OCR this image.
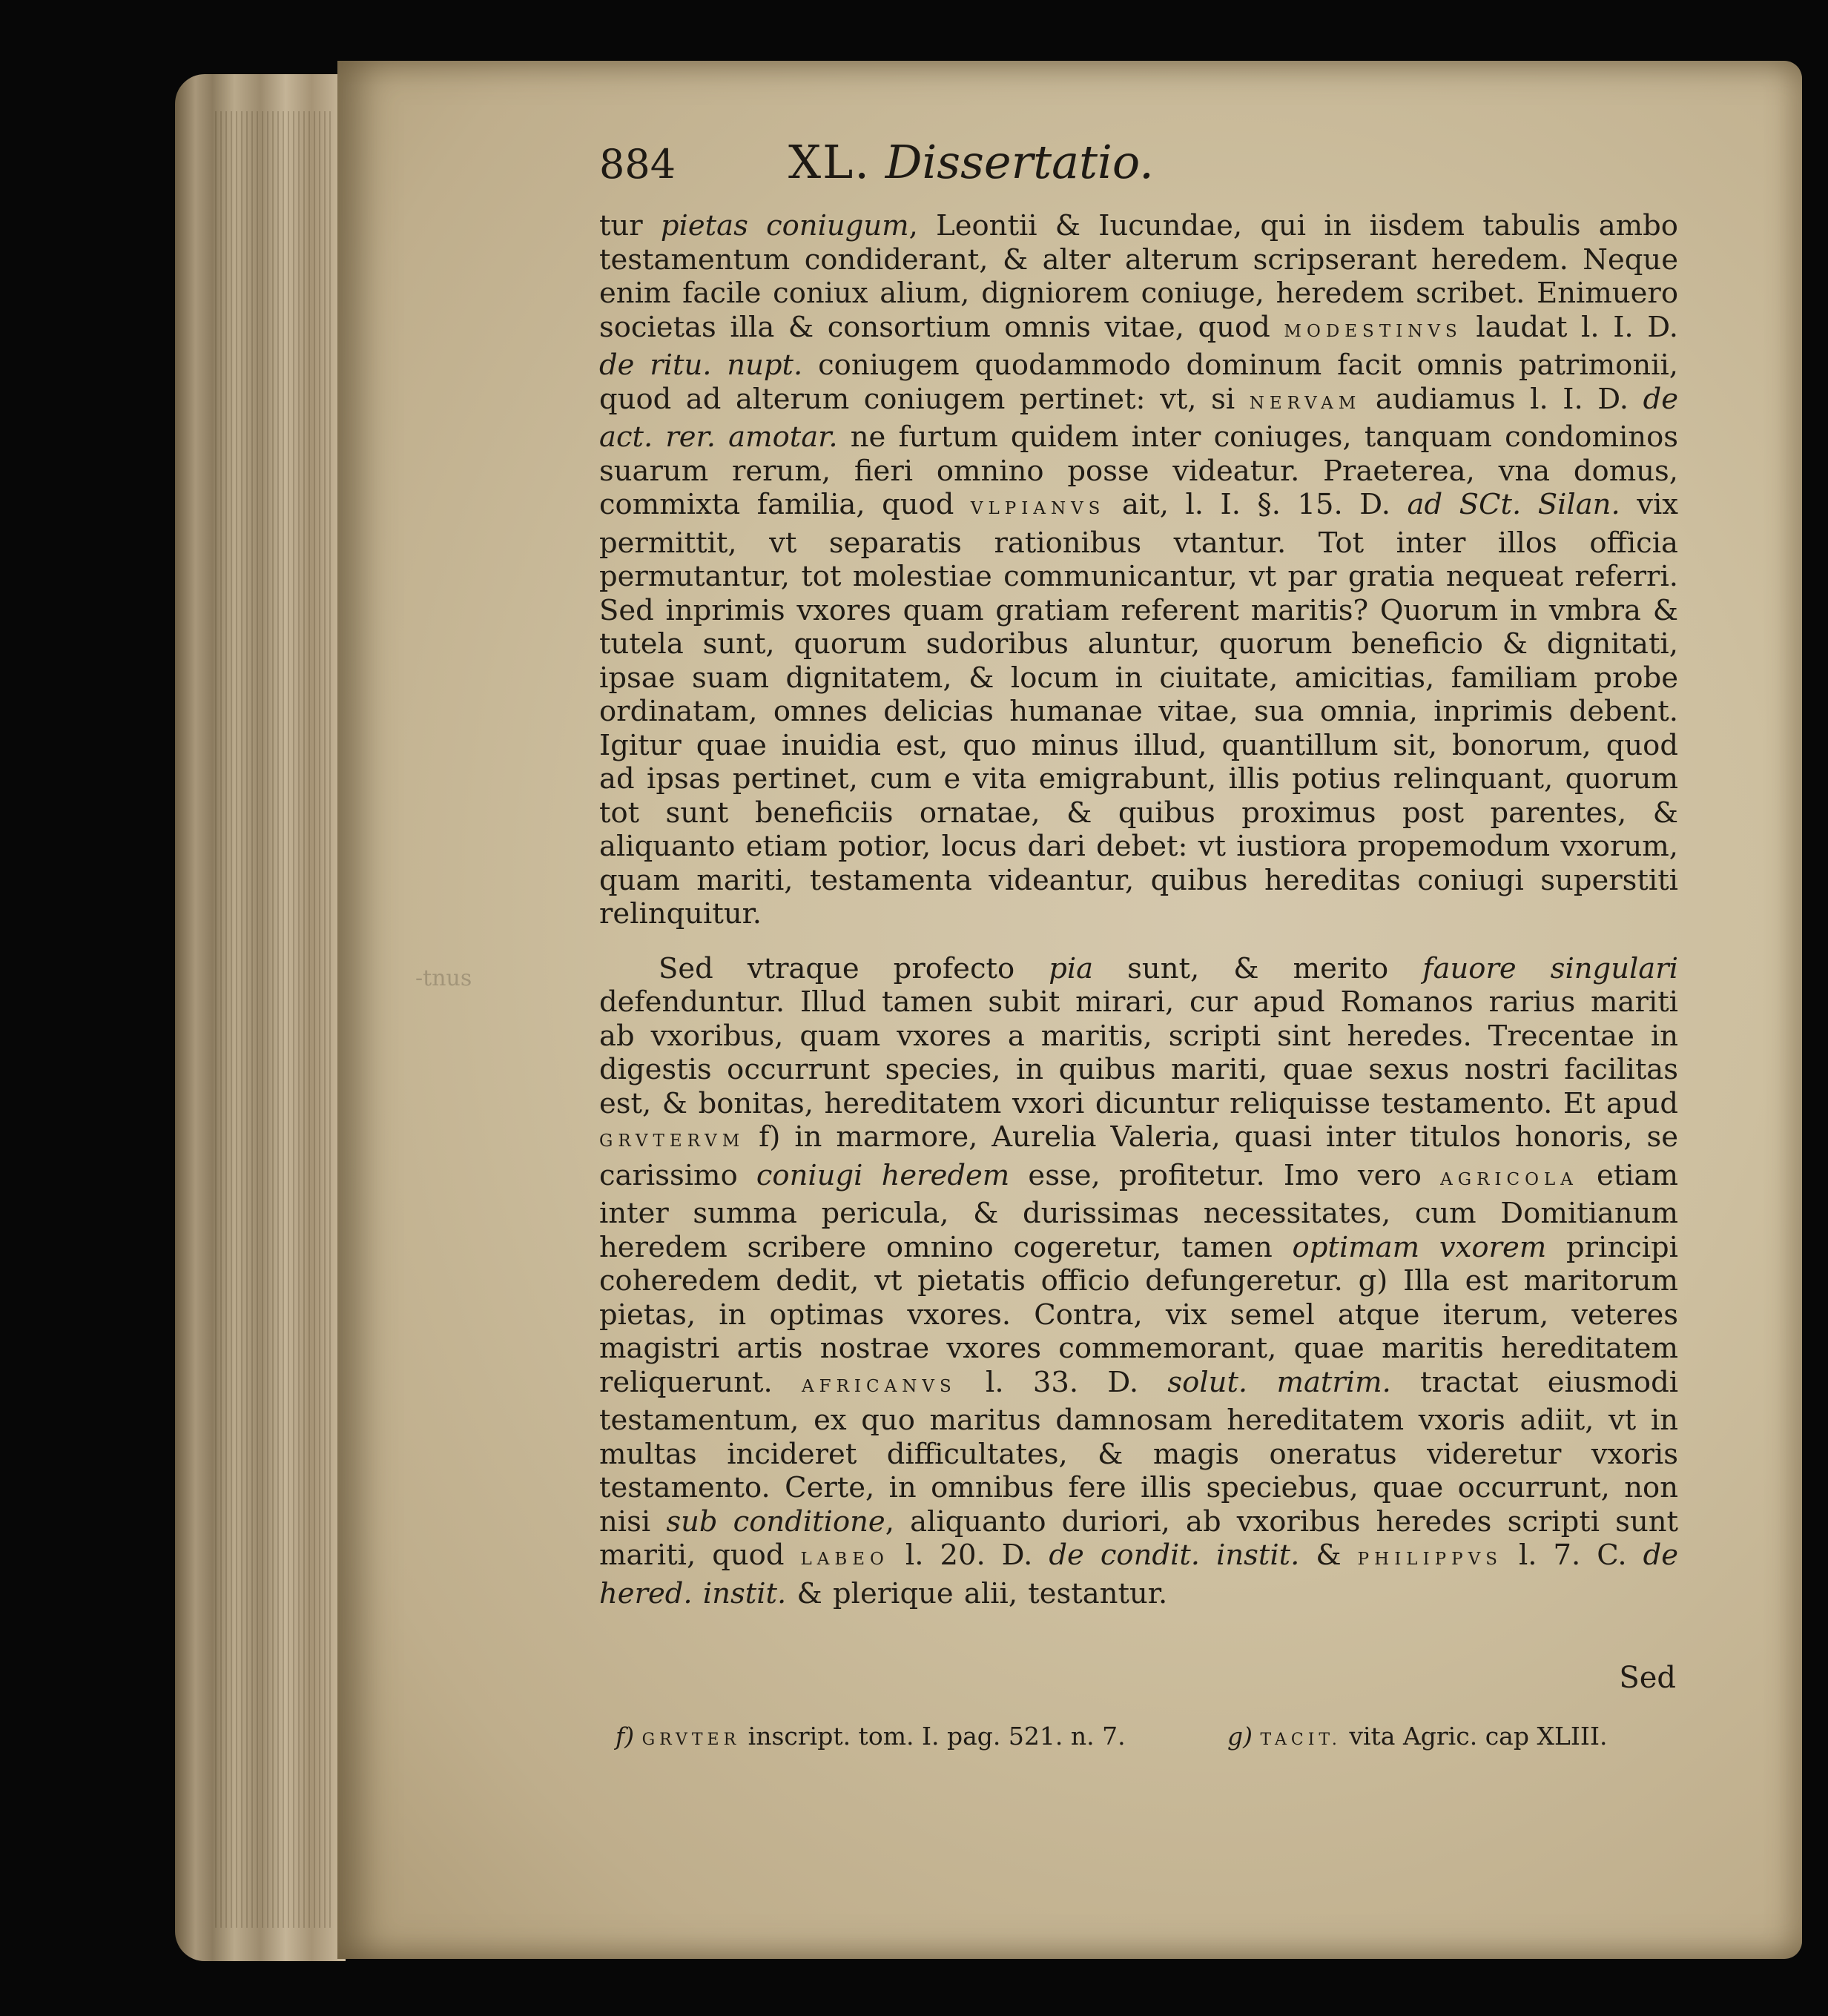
-tnus
884 XL. Dissertatio.

tur pietas coniugum, Leontii & Iucundae, qui in iisdem tabulis ambo testamentum condiderant, & alter alterum scripserant heredem. Neque enim facile coniux alium, digniorem coniuge, heredem scribet. Enimuero societas illa & consortium omnis vitae, quod MODESTINVS laudat l. I. D. de ritu. nupt. coniugem quodammodo dominum facit omnis patrimonii, quod ad alterum coniugem pertinet: vt, si NERVAM audiamus l. I. D. de act. rer. amotar. ne furtum quidem inter coniuges, tanquam condominos suarum rerum, fieri omnino posse videatur. Praeterea, vna domus, commixta familia, quod VLPIANVS ait, l. I. §. 15. D. ad SCt. Silan. vix permittit, vt separatis rationibus vtantur. Tot inter illos officia permutantur, tot molestiae communicantur, vt par gratia nequeat referri. Sed inprimis vxores quam gratiam referent maritis? Quorum in vmbra & tutela sunt, quorum sudoribus aluntur, quorum beneficio & dignitati, ipsae suam dignitatem, & locum in ciuitate, amicitias, familiam probe ordinatam, omnes delicias humanae vitae, sua omnia, inprimis debent. Igitur quae inuidia est, quo minus illud, quantillum sit, bonorum, quod ad ipsas pertinet, cum e vita emigrabunt, illis potius relinquant, quorum tot sunt beneficiis ornatae, & quibus proximus post parentes, & aliquanto etiam potior, locus dari debet: vt iustiora propemodum vxorum, quam mariti, testamenta videantur, quibus hereditas coniugi superstiti relinquitur.

Sed vtraque profecto pia sunt, & merito fauore singulari defenduntur. Illud tamen subit mirari, cur apud Romanos rarius mariti ab vxoribus, quam vxores a maritis, scripti sint heredes. Trecentae in digestis occurrunt species, in quibus mariti, quae sexus nostri facilitas est, & bonitas, hereditatem vxori dicuntur reliquisse testamento. Et apud GRVTERVM f) in marmore, Aurelia Valeria, quasi inter titulos honoris, se carissimo coniugi heredem esse, profitetur. Imo vero AGRICOLA etiam inter summa pericula, & durissimas necessitates, cum Domitianum heredem scribere omnino cogeretur, tamen optimam vxorem principi coheredem dedit, vt pietatis officio defungeretur. g) Illa est maritorum pietas, in optimas vxores. Contra, vix semel atque iterum, veteres magistri artis nostrae vxores commemorant, quae maritis hereditatem reliquerunt. AFRICANVS l. 33. D. solut. matrim. tractat eiusmodi testamentum, ex quo maritus damnosam hereditatem vxoris adiit, vt in multas incideret difficultates, & magis oneratus videretur vxoris testamento. Certe, in omnibus fere illis speciebus, quae occurrunt, non nisi sub conditione, aliquanto duriori, ab vxoribus heredes scripti sunt mariti, quod LABEO l. 20. D. de condit. instit. & PHILIPPVS l. 7. C. de hered. instit. & plerique alii, testantur.

Sed
f) GRVTER inscript. tom. I. pag. 521. n. 7.	g) TACIT. vita Agric. cap XLIII.
